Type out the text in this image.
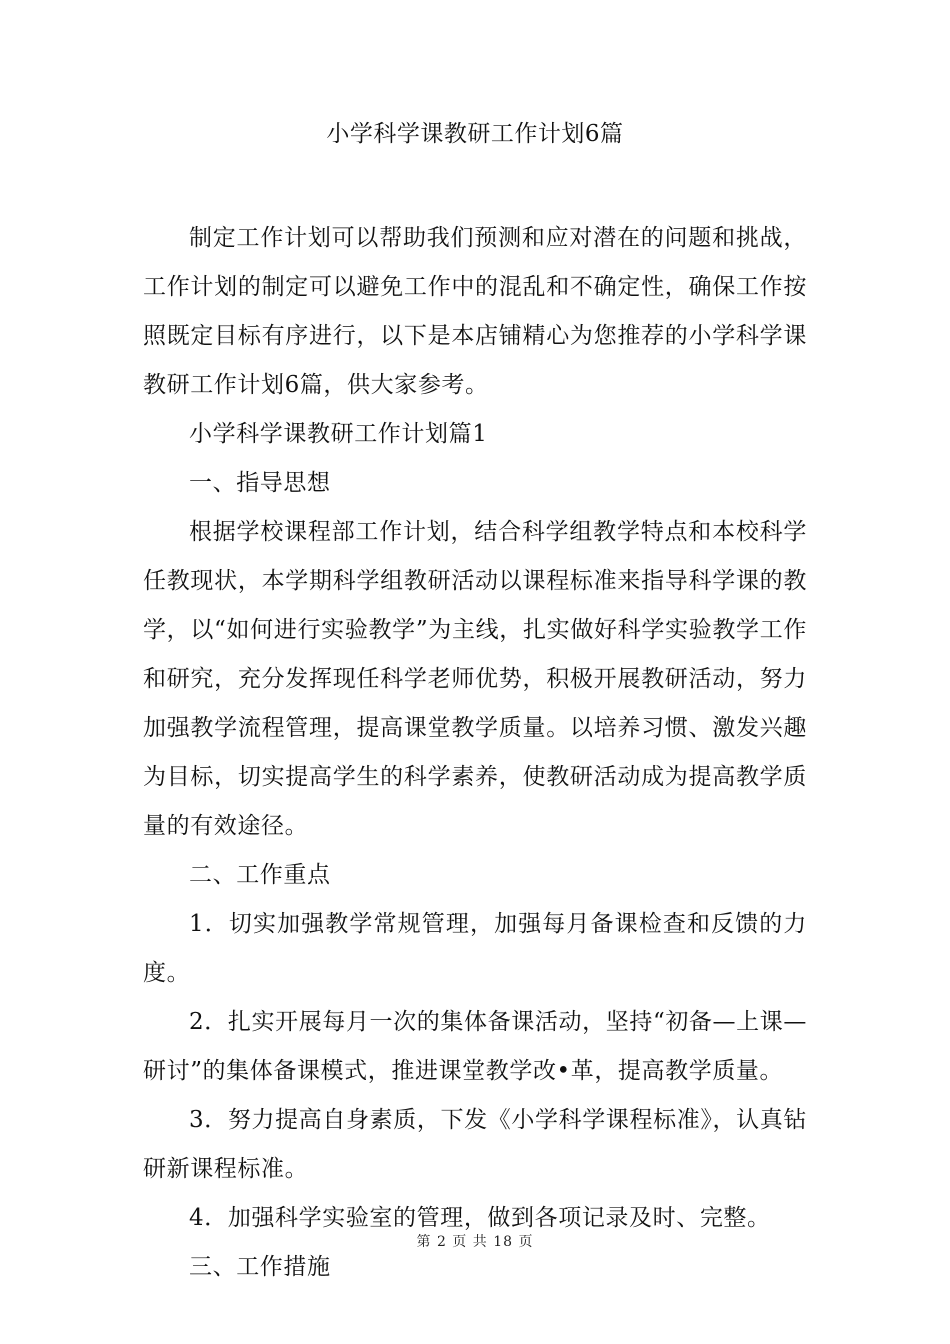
小学科学课教研工作计划6篇

制定工作计划可以帮助我们预测和应对潜在的问题和挑战，工作计划的制定可以避免工作中的混乱和不确定性，确保工作按照既定目标有序进行，以下是本店铺精心为您推荐的小学科学课教研工作计划6篇，供大家参考。

小学科学课教研工作计划篇1

一、指导思想

根据学校课程部工作计划，结合科学组教学特点和本校科学任教现状，本学期科学组教研活动以课程标准来指导科学课的教学，以“如何进行实验教学”为主线，扎实做好科学实验教学工作和研究，充分发挥现任科学老师优势，积极开展教研活动，努力加强教学流程管理，提高课堂教学质量。以培养习惯、激发兴趣为目标，切实提高学生的科学素养，使教研活动成为提高教学质量的有效途径。

二、工作重点

1．切实加强教学常规管理，加强每月备课检查和反馈的力度。

2．扎实开展每月一次的集体备课活动，坚持“初备—上课—研讨”的集体备课模式，推进课堂教学改•革，提高教学质量。

3．努力提高自身素质，下发《小学科学课程标准》，认真钻研新课程标准。

4．加强科学实验室的管理，做到各项记录及时、完整。

三、工作措施

第 2 页 共 18 页
